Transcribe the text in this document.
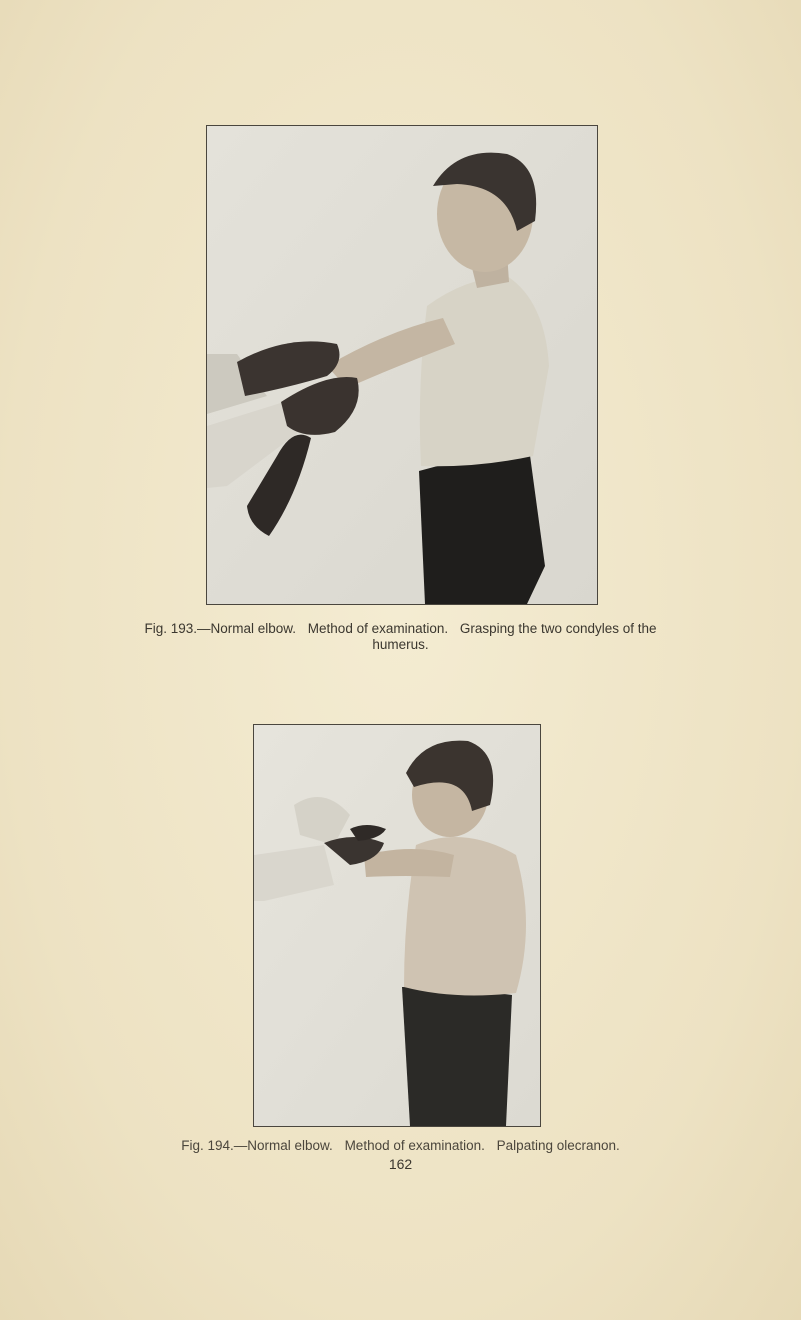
Fig. 193.—Normal elbow. Method of examination. Grasping the two condyles of the
humerus.
Fig. 194.—Normal elbow. Method of examination. Palpating olecranon.
162
